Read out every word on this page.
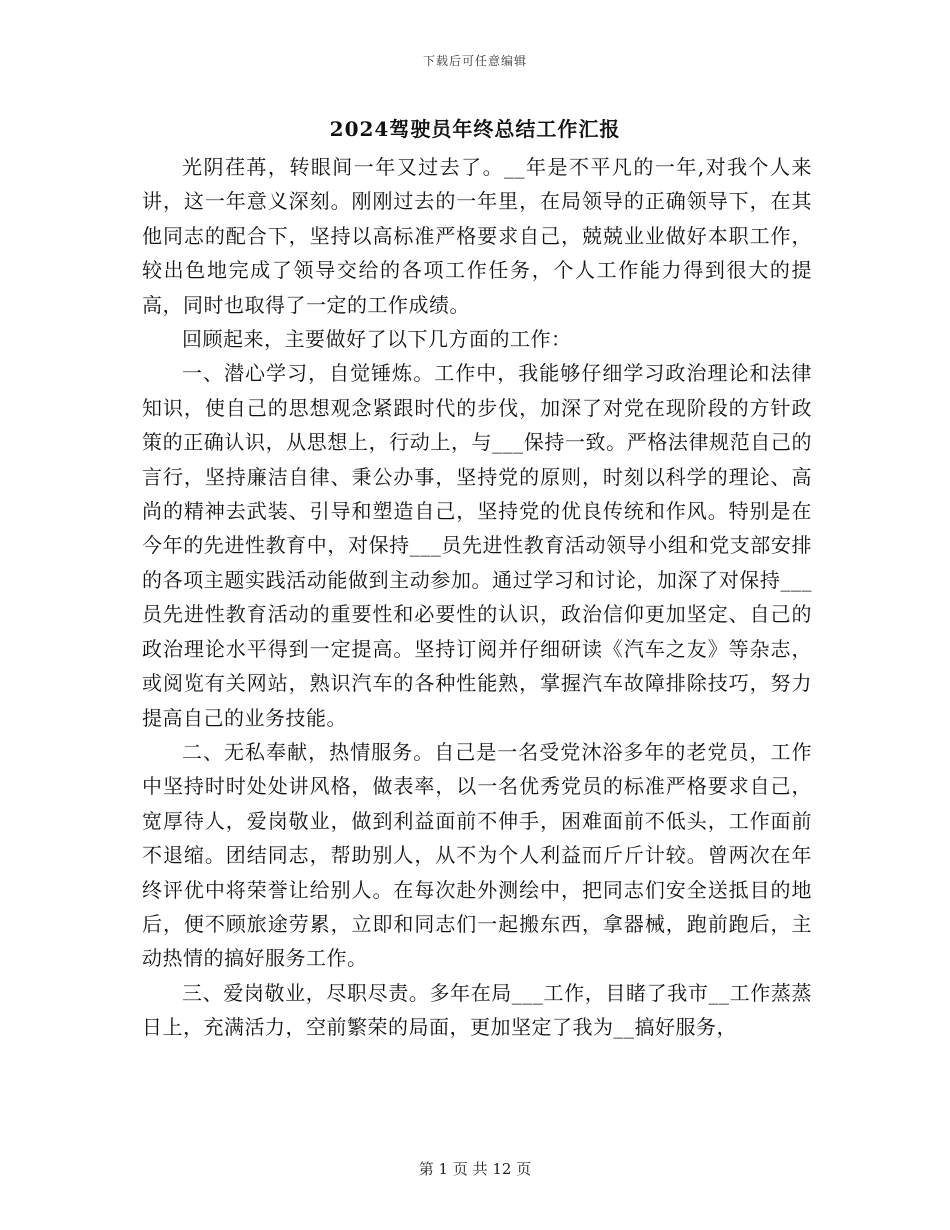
下载后可任意编辑
2024驾驶员年终总结工作汇报

光阴荏苒，转眼间一年又过去了。__年是不平凡的一年,对我个人来讲，这一年意义深刻。刚刚过去的一年里，在局领导的正确领导下，在其他同志的配合下，坚持以高标准严格要求自己，兢兢业业做好本职工作，较出色地完成了领导交给的各项工作任务，个人工作能力得到很大的提高，同时也取得了一定的工作成绩。

回顾起来，主要做好了以下几方面的工作：

一、潜心学习，自觉锤炼。工作中，我能够仔细学习政治理论和法律知识，使自己的思想观念紧跟时代的步伐，加深了对党在现阶段的方针政策的正确认识，从思想上，行动上，与___保持一致。严格法律规范自己的言行，坚持廉洁自律、秉公办事，坚持党的原则，时刻以科学的理论、高尚的精神去武装、引导和塑造自己，坚持党的优良传统和作风。特别是在今年的先进性教育中，对保持___员先进性教育活动领导小组和党支部安排的各项主题实践活动能做到主动参加。通过学习和讨论，加深了对保持___员先进性教育活动的重要性和必要性的认识，政治信仰更加坚定、自己的政治理论水平得到一定提高。坚持订阅并仔细研读《汽车之友》等杂志，或阅览有关网站，熟识汽车的各种性能熟，掌握汽车故障排除技巧，努力提高自己的业务技能。

二、无私奉献，热情服务。自己是一名受党沐浴多年的老党员，工作中坚持时时处处讲风格，做表率，以一名优秀党员的标准严格要求自己，宽厚待人，爱岗敬业，做到利益面前不伸手，困难面前不低头，工作面前不退缩。团结同志，帮助别人，从不为个人利益而斤斤计较。曾两次在年终评优中将荣誉让给别人。在每次赴外测绘中，把同志们安全送抵目的地后，便不顾旅途劳累，立即和同志们一起搬东西，拿器械，跑前跑后，主动热情的搞好服务工作。

三、爱岗敬业，尽职尽责。多年在局___工作，目睹了我市__工作蒸蒸日上，充满活力，空前繁荣的局面，更加坚定了我为__搞好服务，

第 1 页 共 12 页
